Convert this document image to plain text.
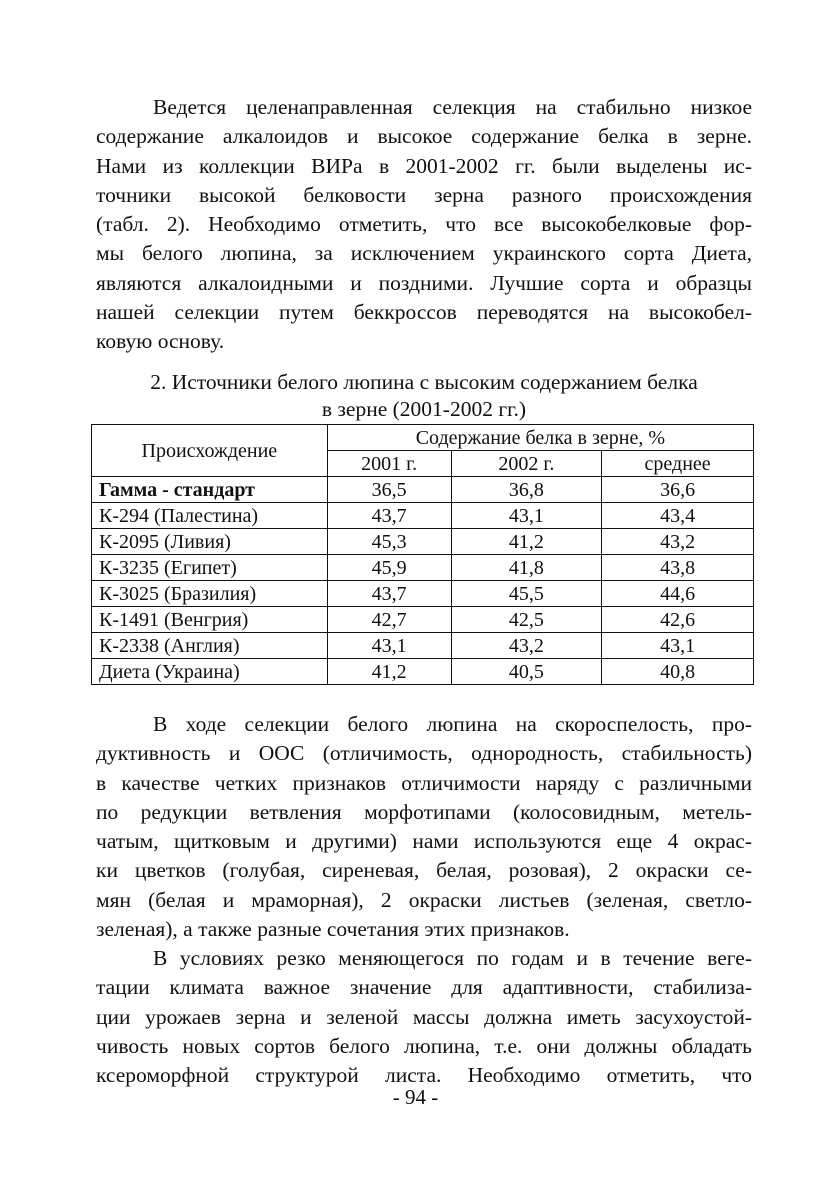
Ведется целенаправленная селекция на стабильно низкое
содержание алкалоидов и высокое содержание белка в зерне.
Нами из коллекции ВИРа в 2001-2002 гг. были выделены ис-
точники высокой белковости зерна разного происхождения
(табл. 2). Необходимо отметить, что все высокобелковые фор-
мы белого люпина, за исключением украинского сорта Диета,
являются алкалоидными и поздними. Лучшие сорта и образцы
нашей селекции путем беккроссов переводятся на высокобел-
ковую основу.
2. Источники белого люпина с высоким содержанием белка
в зерне (2001-2002 гг.)
Происхождение	Содержание белка в зерне, %		
	2001 г.	2002 г.	среднее
Гамма - стандарт	36,5	36,8	36,6
К-294 (Палестина)	43,7	43,1	43,4
К-2095 (Ливия)	45,3	41,2	43,2
К-3235 (Египет)	45,9	41,8	43,8
К-3025 (Бразилия)	43,7	45,5	44,6
К-1491 (Венгрия)	42,7	42,5	42,6
К-2338 (Англия)	43,1	43,2	43,1
Диета (Украина)	41,2	40,5	40,8
В ходе селекции белого люпина на скороспелость, про-
дуктивность и ООС (отличимость, однородность, стабильность)
в качестве четких признаков отличимости наряду с различными
по редукции ветвления морфотипами (колосовидным, метель-
чатым, щитковым и другими) нами используются еще 4 окрас-
ки цветков (голубая, сиреневая, белая, розовая), 2 окраски се-
мян (белая и мраморная), 2 окраски листьев (зеленая, светло-
зеленая), а также разные сочетания этих признаков.
В условиях резко меняющегося по годам и в течение веге-
тации климата важное значение для адаптивности, стабилиза-
ции урожаев зерна и зеленой массы должна иметь засухоустой-
чивость новых сортов белого люпина, т.е. они должны обладать
ксероморфной структурой листа. Необходимо отметить, что
- 94 -
